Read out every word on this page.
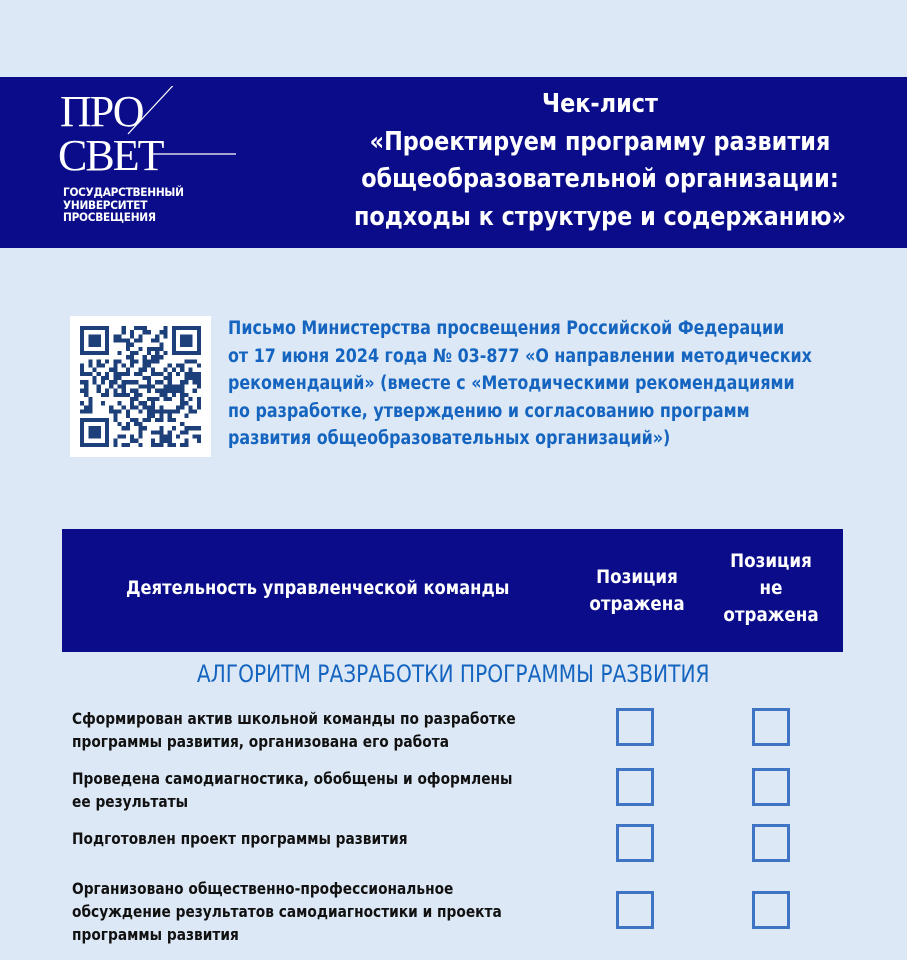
ПРО
СВЕТ
ГОСУДАРСТВЕННЫЙ
УНИВЕРСИТЕТ
ПРОСВЕЩЕНИЯ
Чек-лист
«Проектируем программу развития
общеобразовательной организации:
подходы к структуре и содержанию»
Письмо Министерства просвещения Российской Федерации
от 17 июня 2024 года № 03-877 «О направлении методических
рекомендаций» (вместе с «Методическими рекомендациями
по разработке, утверждению и согласованию программ
развития общеобразовательных организаций»)
Деятельность управленческой команды	Позиция
отражена
Позиция
не
отражена
АЛГОРИТМ РАЗРАБОТКИ ПРОГРАММЫ РАЗВИТИЯ
Сформирован актив школьной команды по разработке
программы развития, организована его работа
Проведена самодиагностика, обобщены и оформлены
ее результаты
Подготовлен проект программы развития
Организовано общественно-профессиональное
обсуждение результатов самодиагностики и проекта
программы развития
